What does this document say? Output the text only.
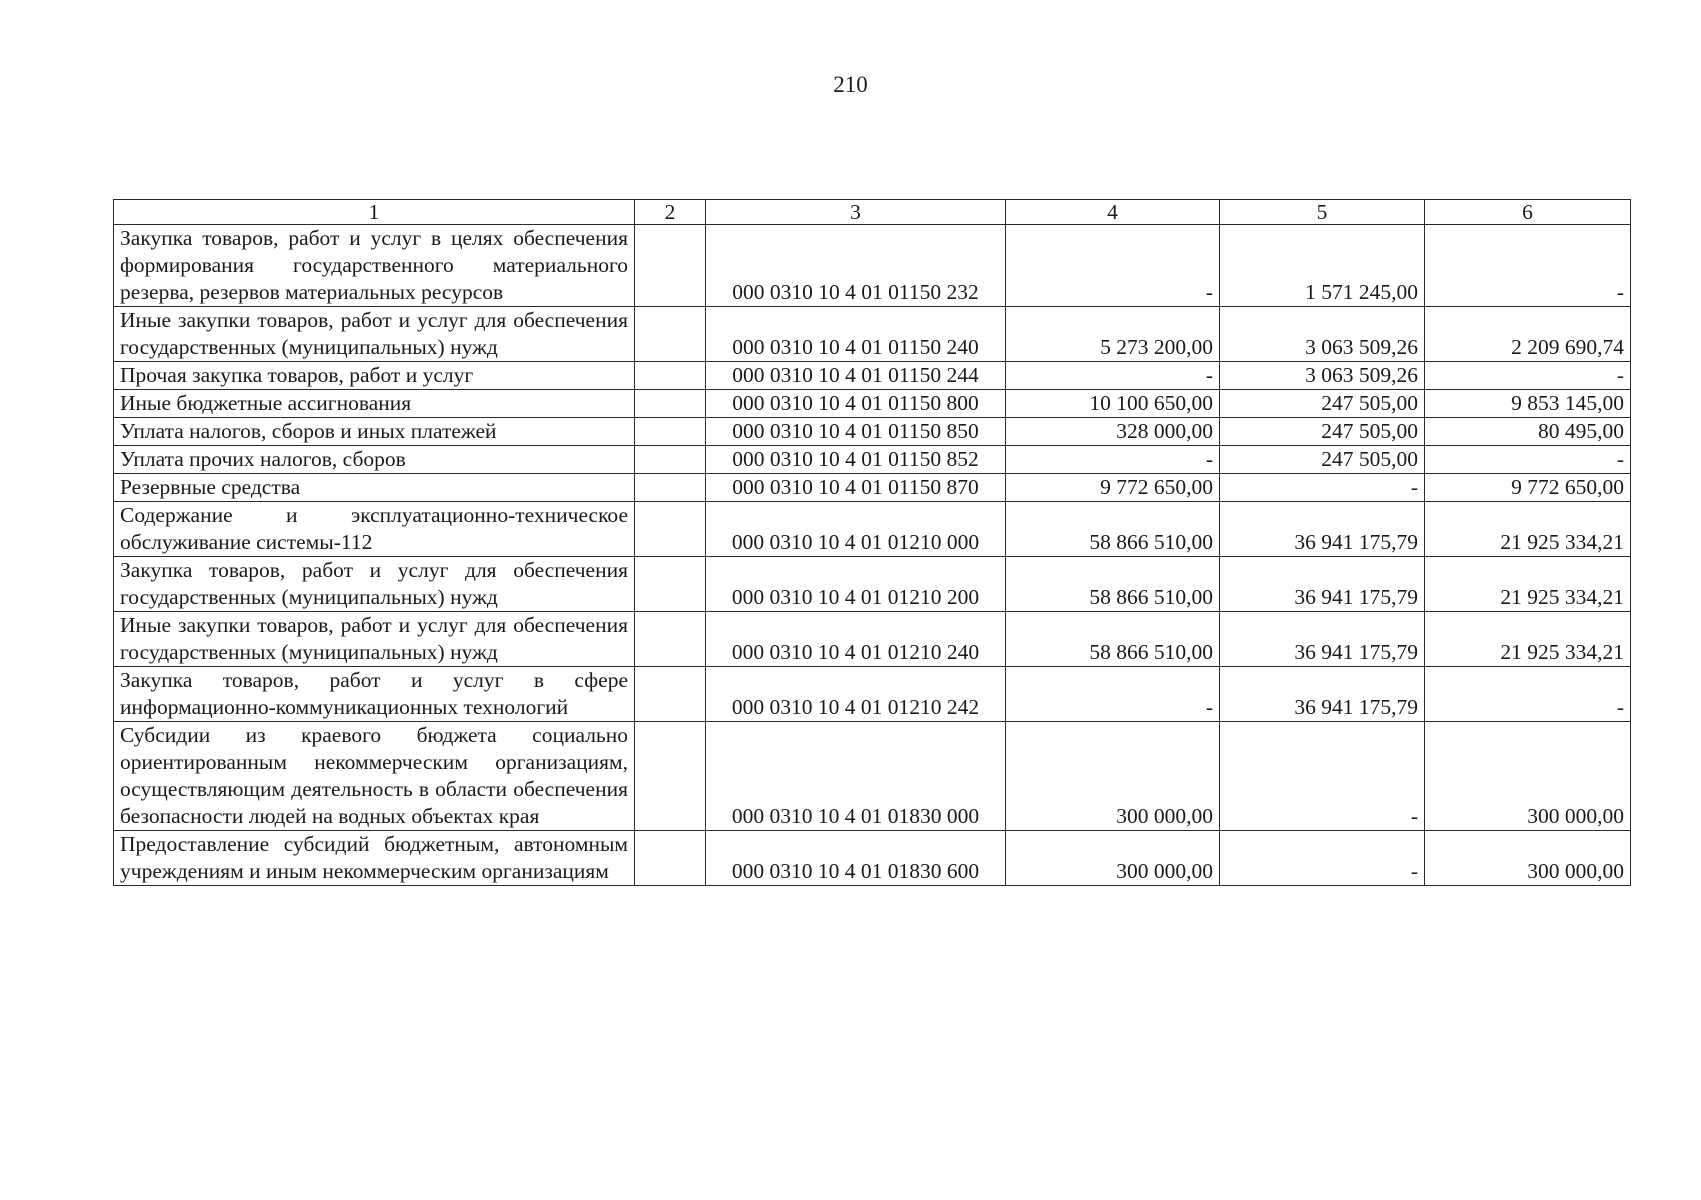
210
1	2	3	4	5	6
Закупка товаров, работ и услуг в целях обеспечения формирования государственного материального резерва, резервов материальных ресурсов		000 0310 10 4 01 01150 232	-	1 571 245,00	-
Иные закупки товаров, работ и услуг для обеспечения государственных (муниципальных) нужд		000 0310 10 4 01 01150 240	5 273 200,00	3 063 509,26	2 209 690,74
Прочая закупка товаров, работ и услуг		000 0310 10 4 01 01150 244	-	3 063 509,26	-
Иные бюджетные ассигнования		000 0310 10 4 01 01150 800	10 100 650,00	247 505,00	9 853 145,00
Уплата налогов, сборов и иных платежей		000 0310 10 4 01 01150 850	328 000,00	247 505,00	80 495,00
Уплата прочих налогов, сборов		000 0310 10 4 01 01150 852	-	247 505,00	-
Резервные средства		000 0310 10 4 01 01150 870	9 772 650,00	-	9 772 650,00
Содержание и эксплуатационно-техническое обслуживание системы-112		000 0310 10 4 01 01210 000	58 866 510,00	36 941 175,79	21 925 334,21
Закупка товаров, работ и услуг для обеспечения государственных (муниципальных) нужд		000 0310 10 4 01 01210 200	58 866 510,00	36 941 175,79	21 925 334,21
Иные закупки товаров, работ и услуг для обеспечения государственных (муниципальных) нужд		000 0310 10 4 01 01210 240	58 866 510,00	36 941 175,79	21 925 334,21
Закупка товаров, работ и услуг в сфере информационно-коммуникационных технологий		000 0310 10 4 01 01210 242	-	36 941 175,79	-
Субсидии из краевого бюджета социально ориентированным некоммерческим организациям, осуществляющим деятельность в области обеспечения безопасности людей на водных объектах края		000 0310 10 4 01 01830 000	300 000,00	-	300 000,00
Предоставление субсидий бюджетным, автономным учреждениям и иным некоммерческим организациям		000 0310 10 4 01 01830 600	300 000,00	-	300 000,00
